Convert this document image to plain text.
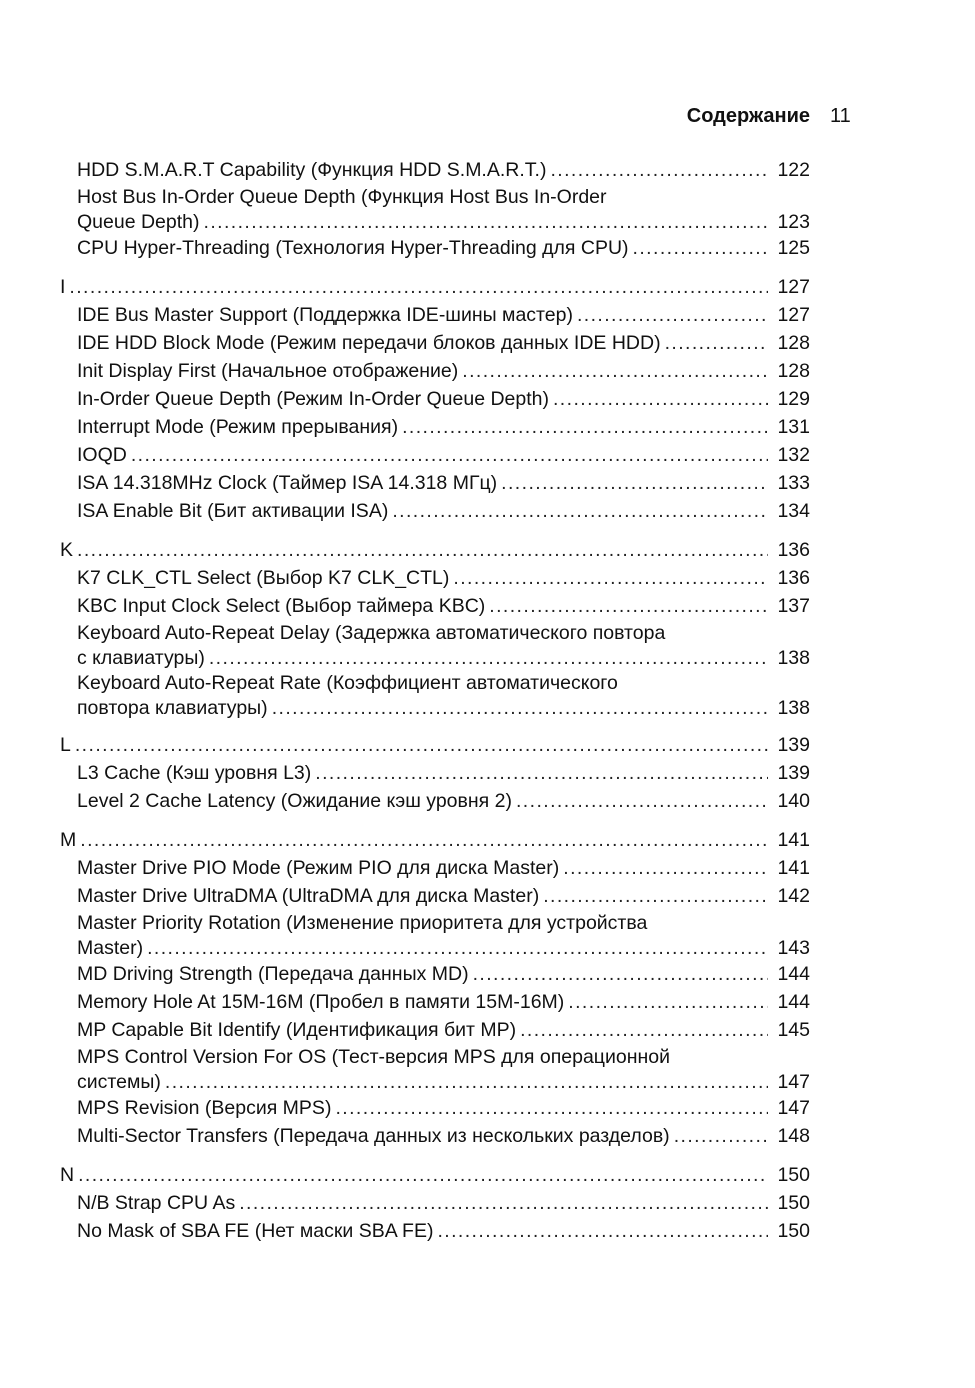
Содержание 11
HDD S.M.A.R.T Capability (Функция HDD S.M.A.R.T.) .....	122
Host Bus In-Order Queue Depth (Функция Host Bus In-Order
Queue Depth) .....	123
CPU Hyper-Threading (Технология Hyper-Threading для CPU) .....	125
I .....	127
IDE Bus Master Support (Поддержка IDE-шины мастер) .....	127
IDE HDD Block Mode (Режим передачи блоков данных IDE HDD) .....	128
Init Display First (Начальное отображение) .....	128
In-Order Queue Depth (Режим In-Order Queue Depth) .....	129
Interrupt Mode (Режим прерывания) .....	131
IOQD .....	132
ISA 14.318MHz Clock (Таймер ISA 14.318 МГц) .....	133
ISA Enable Bit (Бит активации ISA) .....	134
K .....	136
K7 CLK_CTL Select (Выбор K7 CLK_CTL) .....	136
KBC Input Clock Select (Выбор таймера KBC) .....	137
Keyboard Auto-Repeat Delay (Задержка автоматического повтора
с клавиатуры) .....	138
Keyboard Auto-Repeat Rate (Коэффициент автоматического
повтора клавиатуры) .....	138
L .....	139
L3 Cache (Кэш уровня L3) .....	139
Level 2 Cache Latency (Ожидание кэш уровня 2) .....	140
M .....	141
Master Drive PIO Mode (Режим PIO для диска Master) .....	141
Master Drive UltraDMA (UltraDMA для диска Master) .....	142
Master Priority Rotation (Изменение приоритета для устройства
Master) .....	143
MD Driving Strength (Передача данных MD) .....	144
Memory Hole At 15M-16M (Пробел в памяти 15M-16M) .....	144
MP Capable Bit Identify (Идентификация бит MP) .....	145
MPS Control Version For OS (Тест-версия MPS для операционной
системы) .....	147
MPS Revision (Версия MPS) .....	147
Multi-Sector Transfers (Передача данных из нескольких разделов) .....	148
N .....	150
N/B Strap CPU As .....	150
No Mask of SBA FE (Нет маски SBA FE) .....	150
